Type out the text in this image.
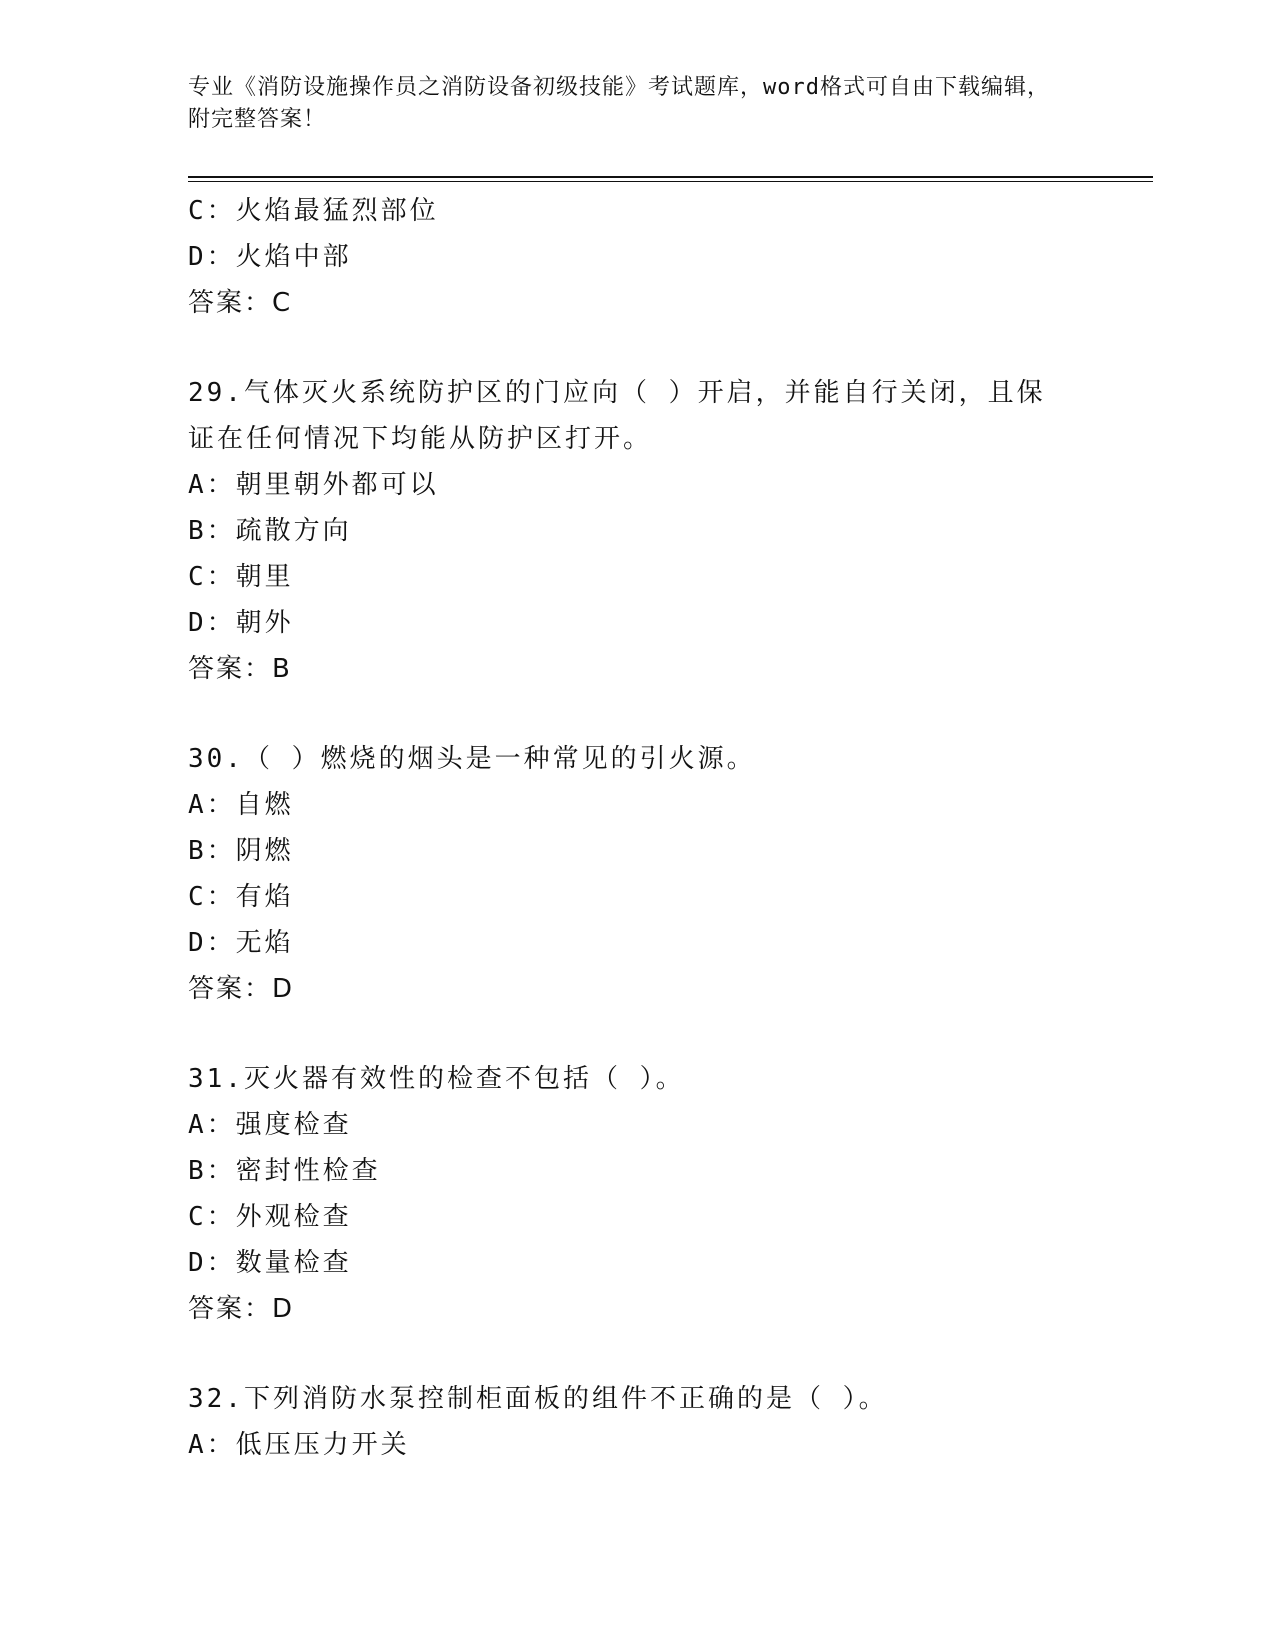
专业《消防设施操作员之消防设备初级技能》考试题库，word格式可自由下载编辑，附完整答案！
C：火焰最猛烈部位
D：火焰中部
答案：C
29.气体灭火系统防护区的门应向（ ）开启，并能自行关闭，且保证在任何情况下均能从防护区打开。
A：朝里朝外都可以
B：疏散方向
C：朝里
D：朝外
答案：B
30.（ ）燃烧的烟头是一种常见的引火源。
A：自燃
B：阴燃
C：有焰
D：无焰
答案：D
31.灭火器有效性的检查不包括（ ）。
A：强度检查
B：密封性检查
C：外观检查
D：数量检查
答案：D
32.下列消防水泵控制柜面板的组件不正确的是（ ）。
A：低压压力开关
